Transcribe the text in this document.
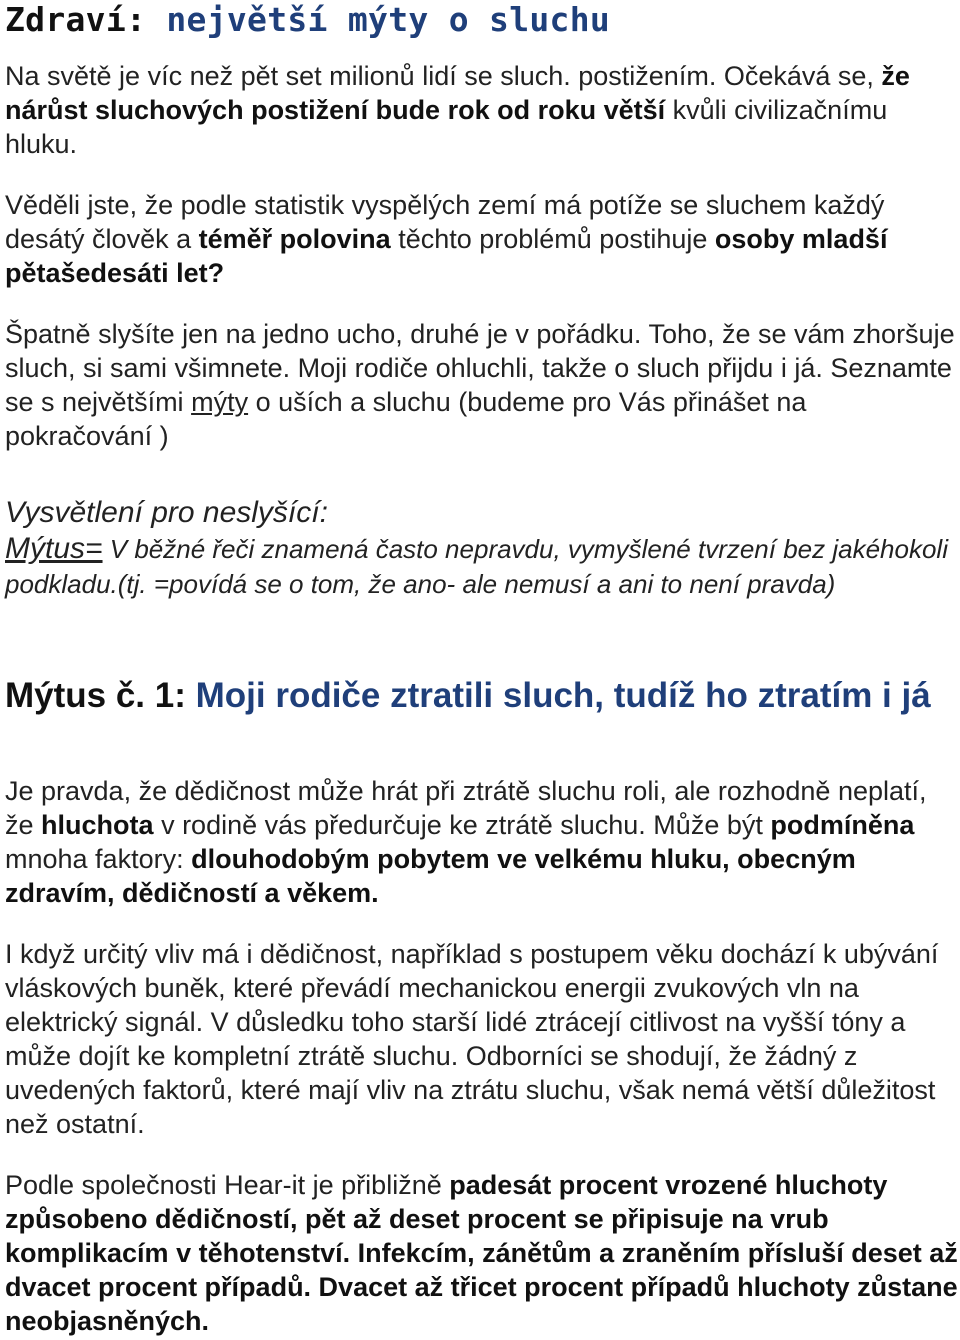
Zdraví: největší mýty o sluchu
Na světě je víc než pět set milionů lidí se sluch. postižením. Očekává se, že nárůst sluchových postižení bude rok od roku větší kvůli civilizačnímu hluku.
Věděli jste, že podle statistik vyspělých zemí má potíže se sluchem každý desátý člověk a téměř polovina těchto problémů postihuje osoby mladší pětašedesáti let?
Špatně slyšíte jen na jedno ucho, druhé je v pořádku. Toho, že se vám zhoršuje sluch, si sami všimnete. Moji rodiče ohluchli, takže o sluch přijdu i já. Seznamte se s největšími mýty o uších a sluchu (budeme pro Vás přinášet na pokračování )
Vysvětlení pro neslyšící:
Mýtus= V běžné řeči znamená často nepravdu, vymyšlené tvrzení bez jakéhokoli podkladu.(tj. =povídá se o tom, že ano- ale nemusí a ani to není pravda)
Mýtus č. 1: Moji rodiče ztratili sluch, tudíž ho ztratím i já
Je pravda, že dědičnost může hrát při ztrátě sluchu roli, ale rozhodně neplatí, že hluchota v rodině vás předurčuje ke ztrátě sluchu. Může být podmíněna mnoha faktory: dlouhodobým pobytem ve velkému hluku, obecným zdravím, dědičností a věkem.
I když určitý vliv má i dědičnost, například s postupem věku dochází k ubývání vláskových buněk, které převádí mechanickou energii zvukových vln na elektrický signál. V důsledku toho starší lidé ztrácejí citlivost na vyšší tóny a může dojít ke kompletní ztrátě sluchu. Odborníci se shodují, že žádný z uvedených faktorů, které mají vliv na ztrátu sluchu, však nemá větší důležitost než ostatní.
Podle společnosti Hear-it je přibližně padesát procent vrozené hluchoty způsobeno dědičností, pět až deset procent se připisuje na vrub komplikacím v těhotenství. Infekcím, zánětům a zraněním přísluší deset až dvacet procent případů. Dvacet až třicet procent případů hluchoty zůstane neobjasněných.
